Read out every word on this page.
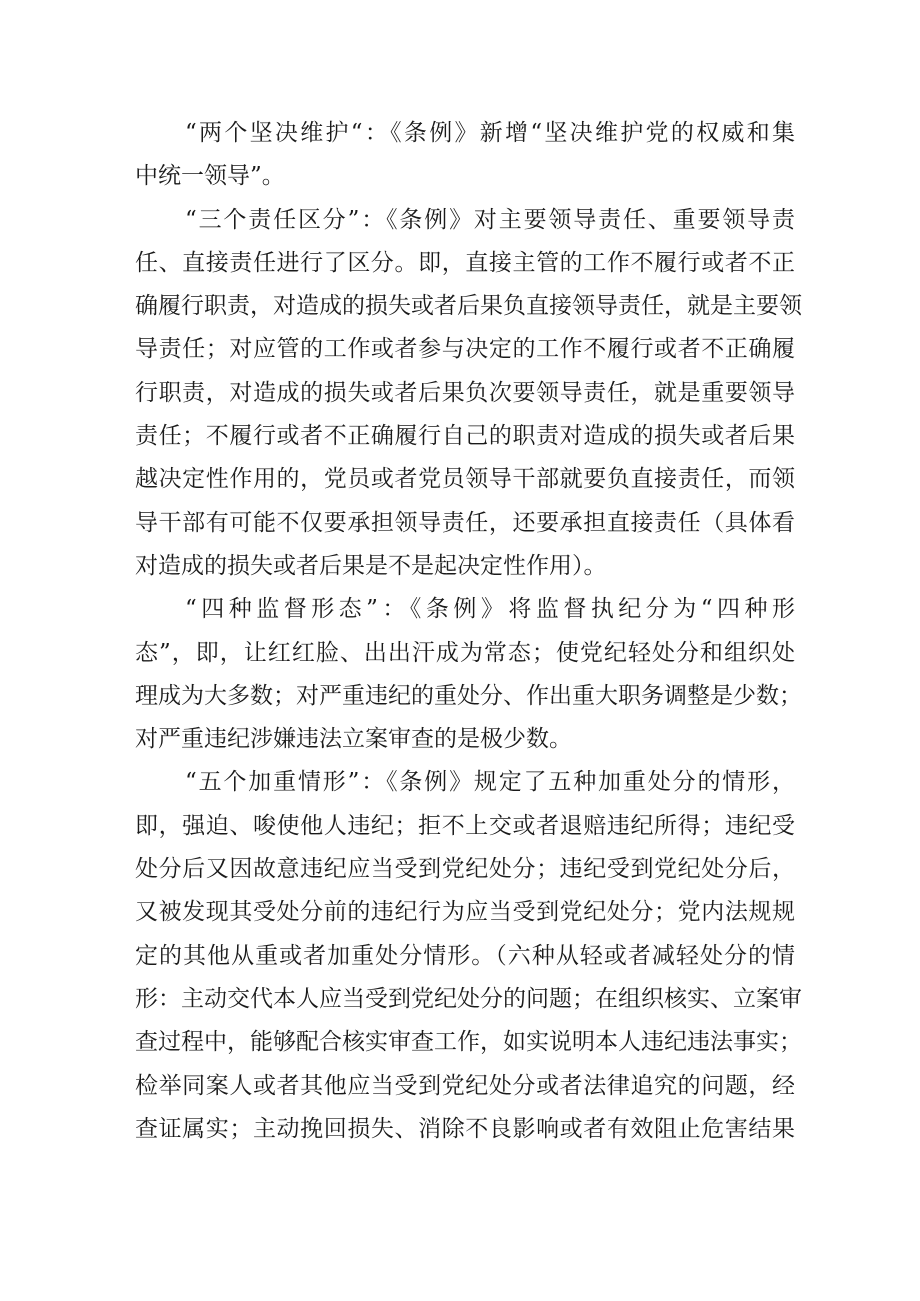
“两个坚决维护“：《条例》新增“坚决维护党的权威和集
中统一领导”。
“三个责任区分”：《条例》对主要领导责任、重要领导责
任、直接责任进行了区分。即，直接主管的工作不履行或者不正
确履行职责，对造成的损失或者后果负直接领导责任，就是主要领
导责任；对应管的工作或者参与决定的工作不履行或者不正确履
行职责，对造成的损失或者后果负次要领导责任，就是重要领导
责任；不履行或者不正确履行自己的职责对造成的损失或者后果
越决定性作用的，党员或者党员领导干部就要负直接责任，而领
导干部有可能不仅要承担领导责任，还要承担直接责任（具体看
对造成的损失或者后果是不是起决定性作用）。
“四种监督形态”：《条例》将监督执纪分为“四种形
态”，即，让红红脸、出出汗成为常态；使党纪轻处分和组织处
理成为大多数；对严重违纪的重处分、作出重大职务调整是少数；
对严重违纪涉嫌违法立案审查的是极少数。
“五个加重情形”：《条例》规定了五种加重处分的情形，
即，强迫、唆使他人违纪；拒不上交或者退赔违纪所得；违纪受
处分后又因故意违纪应当受到党纪处分；违纪受到党纪处分后，
又被发现其受处分前的违纪行为应当受到党纪处分；党内法规规
定的其他从重或者加重处分情形。（六种从轻或者减轻处分的情
形：主动交代本人应当受到党纪处分的问题；在组织核实、立案审
查过程中，能够配合核实审查工作，如实说明本人违纪违法事实；
检举同案人或者其他应当受到党纪处分或者法律追究的问题，经
查证属实；主动挽回损失、消除不良影响或者有效阻止危害结果
